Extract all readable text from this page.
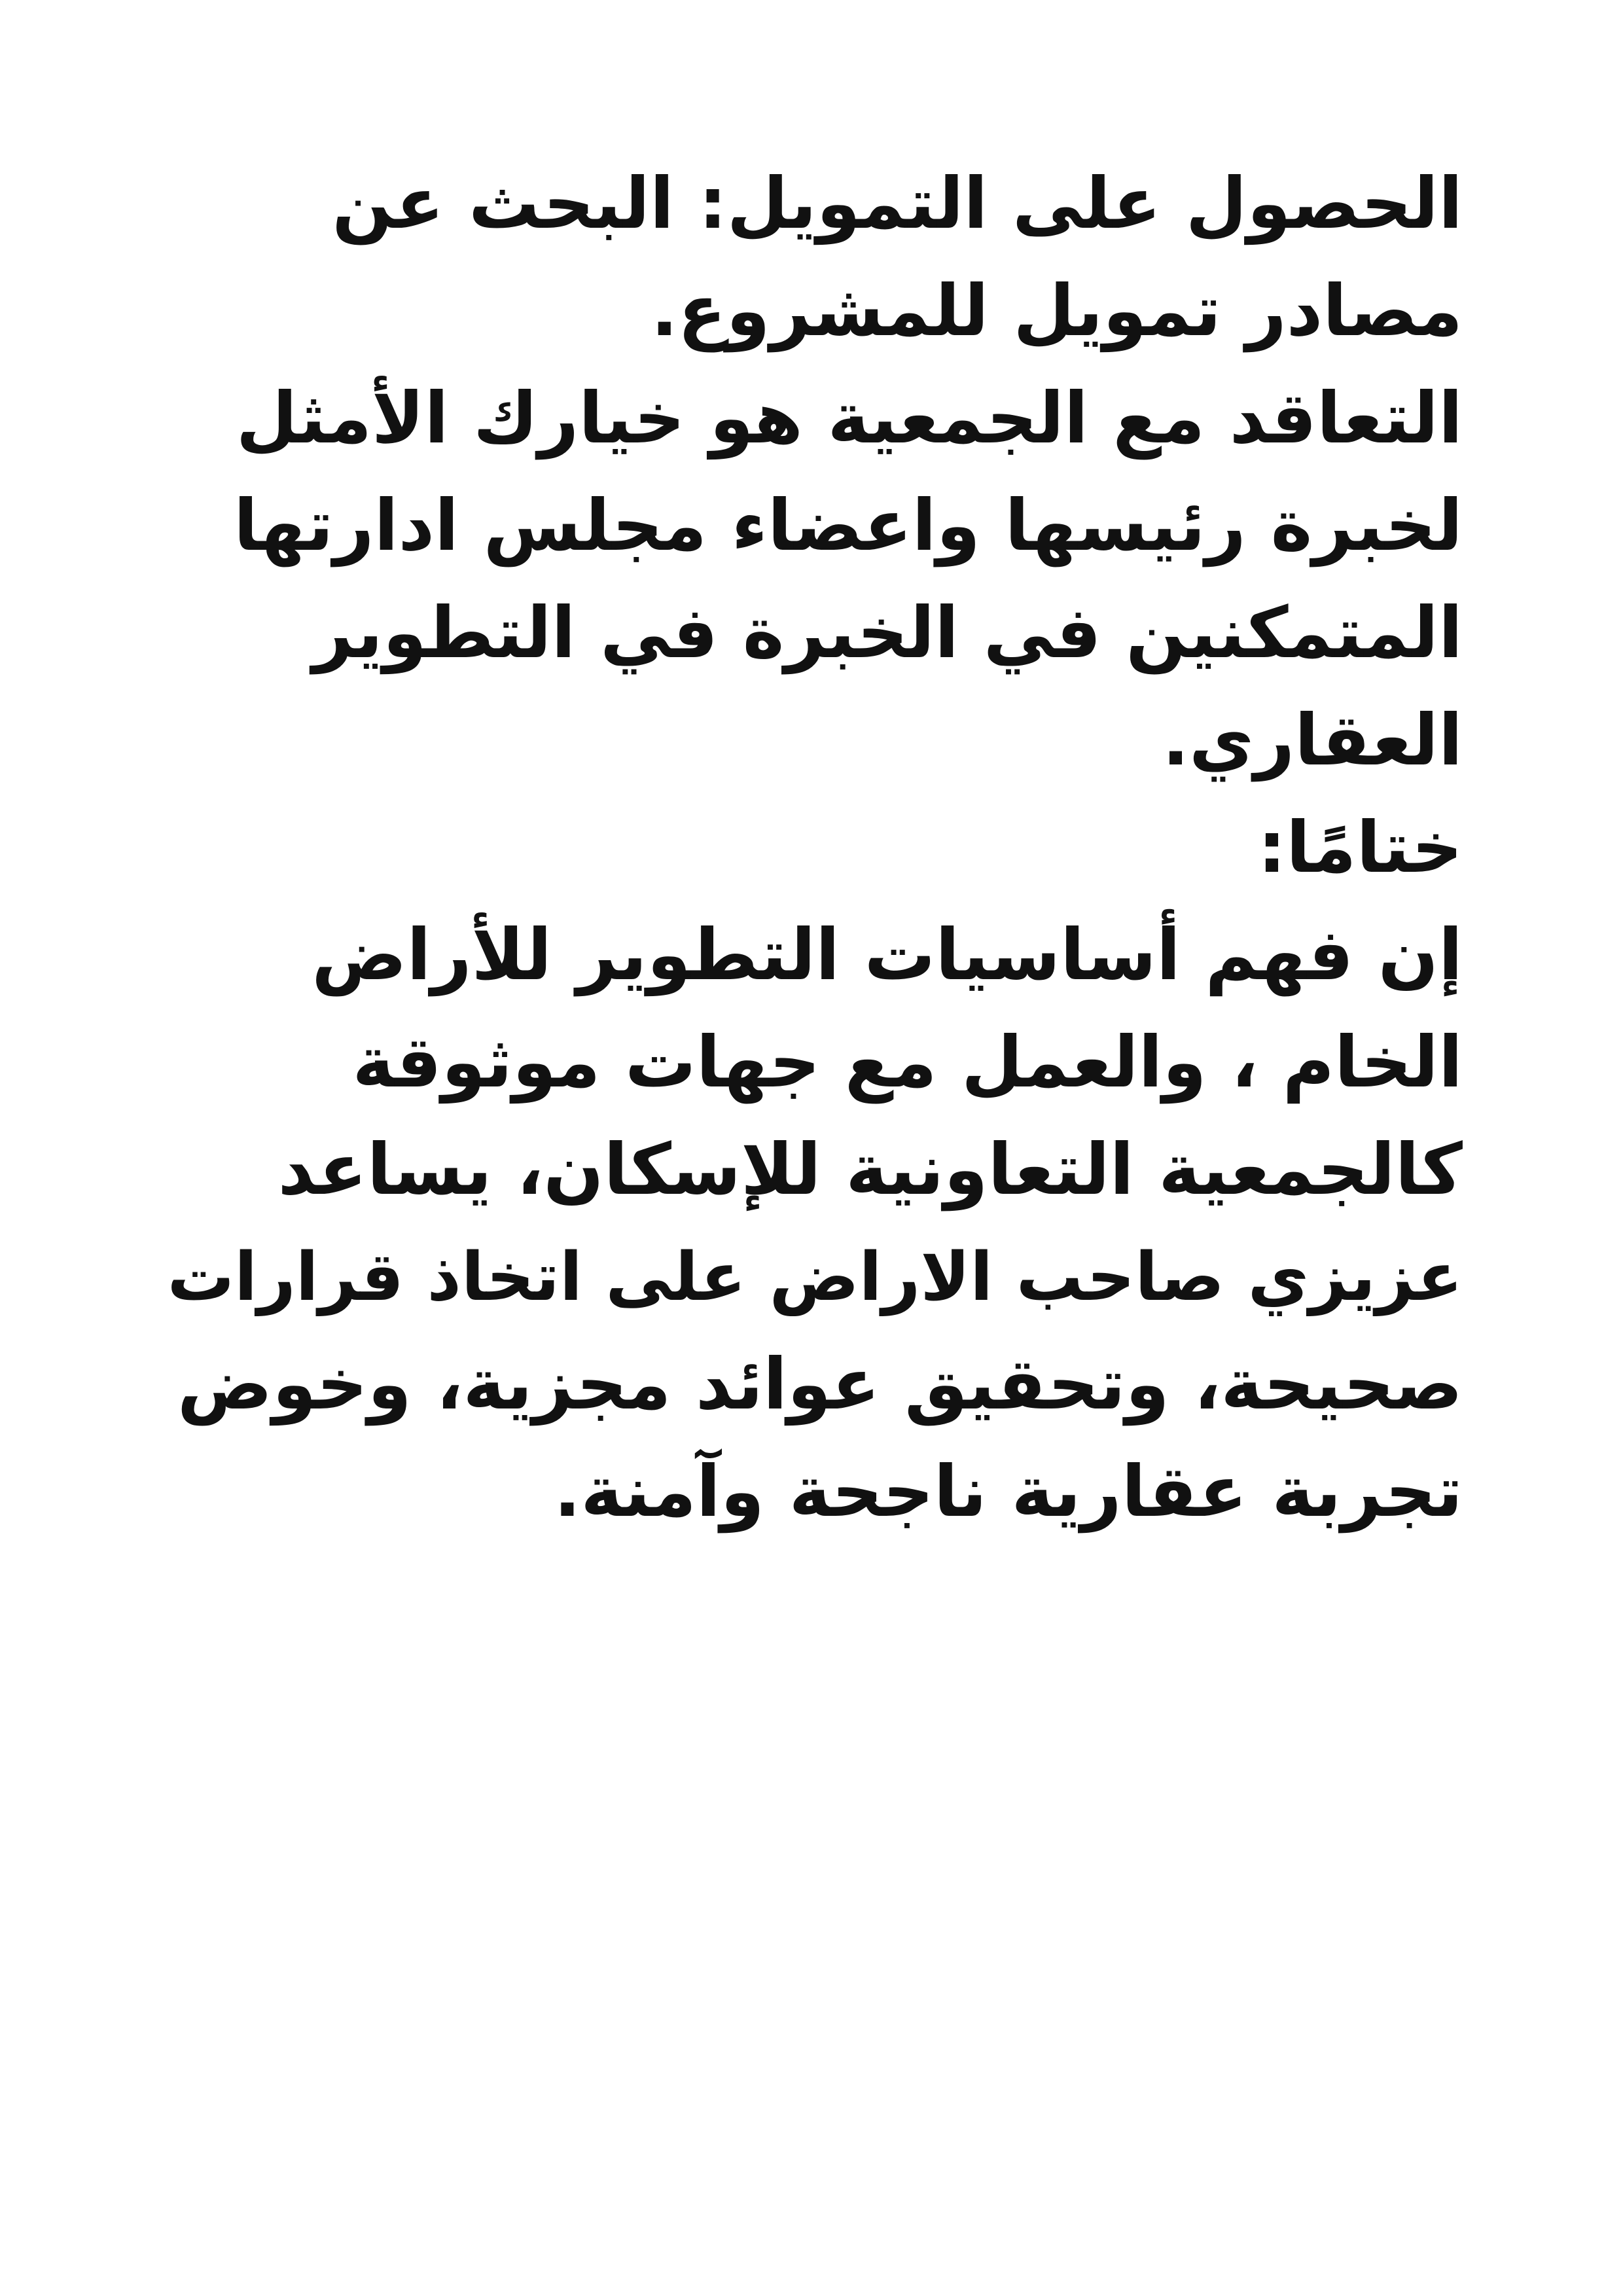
الحصول على التمويل: البحث عن
مصادر تمويل للمشروع.
التعاقد مع الجمعية هو خيارك الأمثل
لخبرة رئيسها واعضاء مجلس ادارتها
المتمكنين في الخبرة في التطوير
العقاري.
ختامًا:
إن فهم أساسيات التطوير للأراض
الخام ، والعمل مع جهات موثوقة
كالجمعية التعاونية للإسكان، يساعد
عزيزي صاحب الاراض على اتخاذ قرارات
صحيحة، وتحقيق عوائد مجزية، وخوض
تجربة عقارية ناجحة وآمنة.
